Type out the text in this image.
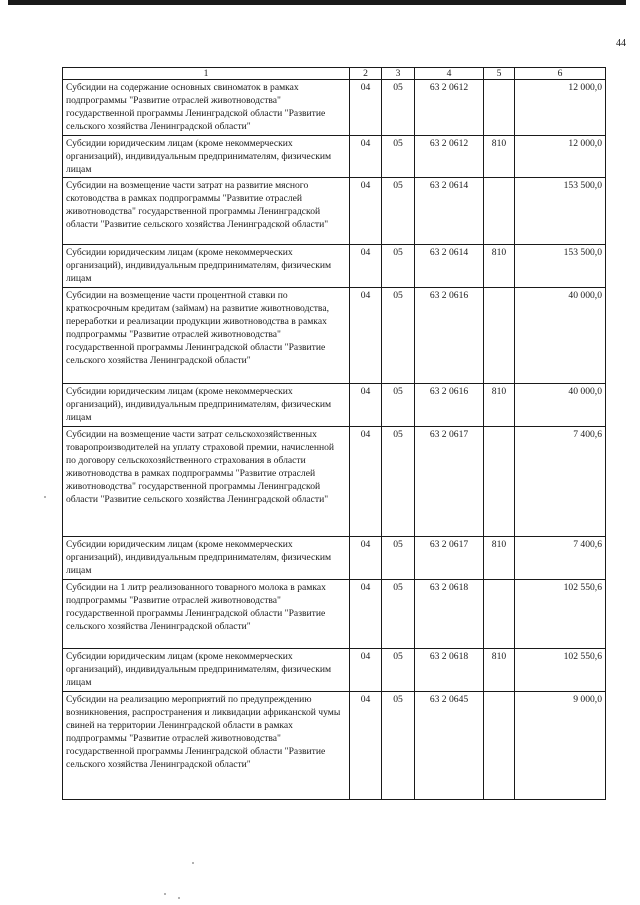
44
1	2	3	4	5	6
Субсидии на содержание основных свиноматок в рамках подпрограммы "Развитие отраслей животноводства" государственной программы Ленинградской области "Развитие сельского хозяйства Ленинградской области"	04	05	63 2 0612		12 000,0
Субсидии юридическим лицам (кроме некоммерческих организаций), индивидуальным предпринимателям, физическим лицам	04	05	63 2 0612	810	12 000,0
Субсидии на возмещение части затрат на развитие мясного скотоводства в рамках подпрограммы "Развитие отраслей животноводства" государственной программы Ленинградской области "Развитие сельского хозяйства Ленинградской области"	04	05	63 2 0614		153 500,0
Субсидии юридическим лицам (кроме некоммерческих организаций), индивидуальным предпринимателям, физическим лицам	04	05	63 2 0614	810	153 500,0
Субсидии на возмещение части процентной ставки по краткосрочным кредитам (займам) на развитие животноводства, переработки и реализации продукции животноводства в рамках подпрограммы "Развитие отраслей животноводства" государственной программы Ленинградской области "Развитие сельского хозяйства Ленинградской области"	04	05	63 2 0616		40 000,0
Субсидии юридическим лицам (кроме некоммерческих организаций), индивидуальным предпринимателям, физическим лицам	04	05	63 2 0616	810	40 000,0
Субсидии на возмещение части затрат сельскохозяйственных товаропроизводителей на уплату страховой премии, начисленной по договору сельскохозяйственного страхования в области животноводства в рамках подпрограммы "Развитие отраслей животноводства" государственной программы Ленинградской области "Развитие сельского хозяйства Ленинградской области"	04	05	63 2 0617		7 400,6
Субсидии юридическим лицам (кроме некоммерческих организаций), индивидуальным предпринимателям, физическим лицам	04	05	63 2 0617	810	7 400,6
Субсидии на 1 литр реализованного товарного молока в рамках подпрограммы "Развитие отраслей животноводства" государственной программы Ленинградской области "Развитие сельского хозяйства Ленинградской области"	04	05	63 2 0618		102 550,6
Субсидии юридическим лицам (кроме некоммерческих организаций), индивидуальным предпринимателям, физическим лицам	04	05	63 2 0618	810	102 550,6
Субсидии на реализацию мероприятий по предупреждению возникновения, распространения и ликвидации африканской чумы свиней на территории Ленинградской области в рамках подпрограммы "Развитие отраслей животноводства" государственной программы Ленинградской области "Развитие сельского хозяйства Ленинградской области"	04	05	63 2 0645		9 000,0
